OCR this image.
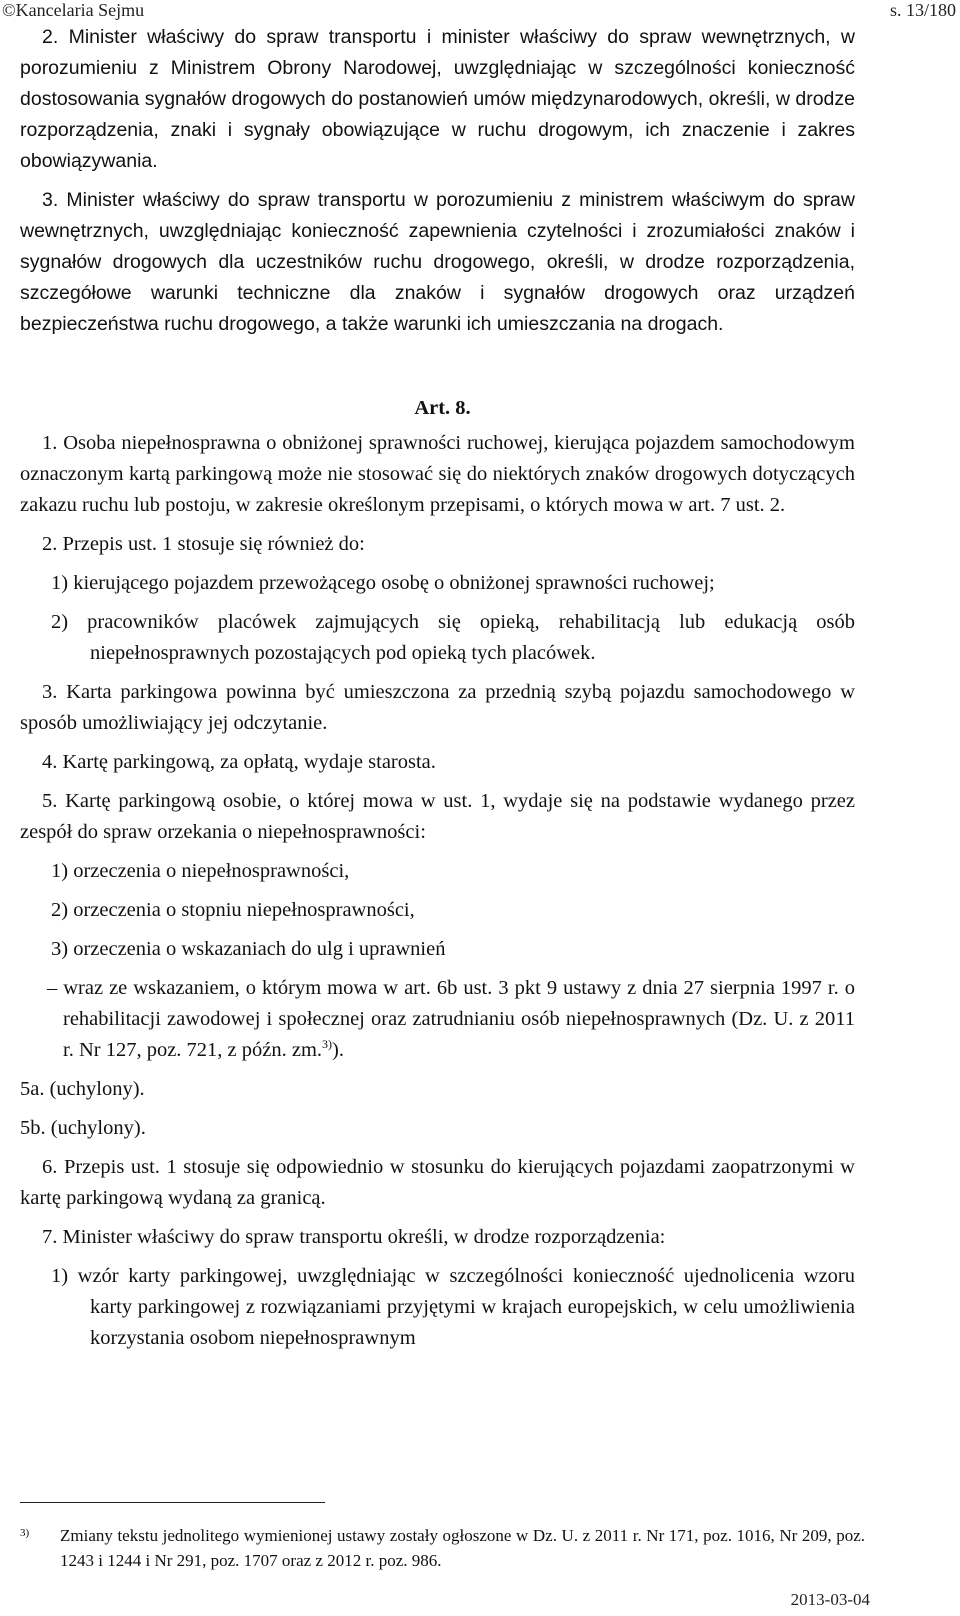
©Kancelaria Sejmu	s. 13/180

2. Minister właściwy do spraw transportu i minister właściwy do spraw wewnętrznych, w porozumieniu z Ministrem Obrony Narodowej, uwzględniając w szczególności konieczność dostosowania sygnałów drogowych do postanowień umów międzynarodowych, określi, w drodze rozporządzenia, znaki i sygnały obowiązujące w ruchu drogowym, ich znaczenie i zakres obowiązywania.

3. Minister właściwy do spraw transportu w porozumieniu z ministrem właściwym do spraw wewnętrznych, uwzględniając konieczność zapewnienia czytelności i zrozumiałości znaków i sygnałów drogowych dla uczestników ruchu drogowego, określi, w drodze rozporządzenia, szczegółowe warunki techniczne dla znaków i sygnałów drogowych oraz urządzeń bezpieczeństwa ruchu drogowego, a także warunki ich umieszczania na drogach.

Art. 8.

1. Osoba niepełnosprawna o obniżonej sprawności ruchowej, kierująca pojazdem samochodowym oznaczonym kartą parkingową może nie stosować się do niektórych znaków drogowych dotyczących zakazu ruchu lub postoju, w zakresie określonym przepisami, o których mowa w art. 7 ust. 2.

2. Przepis ust. 1 stosuje się również do:

1) kierującego pojazdem przewożącego osobę o obniżonej sprawności ruchowej;

2) pracowników placówek zajmujących się opieką, rehabilitacją lub edukacją osób niepełnosprawnych pozostających pod opieką tych placówek.

3. Karta parkingowa powinna być umieszczona za przednią szybą pojazdu samochodowego w sposób umożliwiający jej odczytanie.

4. Kartę parkingową, za opłatą, wydaje starosta.

5. Kartę parkingową osobie, o której mowa w ust. 1, wydaje się na podstawie wydanego przez zespół do spraw orzekania o niepełnosprawności:

1) orzeczenia o niepełnosprawności,

2) orzeczenia o stopniu niepełnosprawności,

3) orzeczenia o wskazaniach do ulg i uprawnień

– wraz ze wskazaniem, o którym mowa w art. 6b ust. 3 pkt 9 ustawy z dnia 27 sierpnia 1997 r. o rehabilitacji zawodowej i społecznej oraz zatrudnianiu osób niepełnosprawnych (Dz. U. z 2011 r. Nr 127, poz. 721, z późn. zm.$^{3)}$).

5a. (uchylony).

5b. (uchylony).

6. Przepis ust. 1 stosuje się odpowiednio w stosunku do kierujących pojazdami zaopatrzonymi w kartę parkingową wydaną za granicą.

7. Minister właściwy do spraw transportu określi, w drodze rozporządzenia:

1) wzór karty parkingowej, uwzględniając w szczególności konieczność ujednolicenia wzoru karty parkingowej z rozwiązaniami przyjętymi w krajach europejskich, w celu umożliwienia korzystania osobom niepełnosprawnym

3) Zmiany tekstu jednolitego wymienionej ustawy zostały ogłoszone w Dz. U. z 2011 r. Nr 171, poz. 1016, Nr 209, poz. 1243 i 1244 i Nr 291, poz. 1707 oraz z 2012 r. poz. 986.
2013-03-04
